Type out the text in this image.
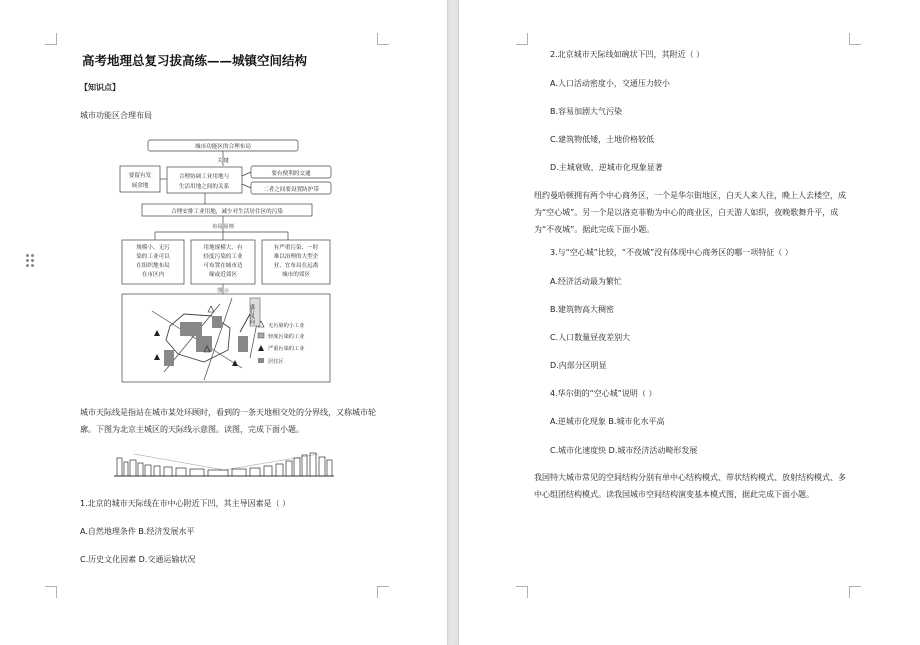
高考地理总复习拔高练——城镇空间结构
【知识点】
城市功能区合理布局
无污染的小工业
轻度污染的工业
严重污染的工业
居住区
盛行风向
城市功能区的合理布局
关 键
要留有发
展余地
合理协调工业用地与
生活用地之间的关系
要有便利的交通
二者之间要设置防护带
合理安排工业用地，减少对生活居住区的污染
布局 原则
规模小、无污
染的工业可以
在组织地布局
在市区内
用地规模大、有
轻度污染的工业
可布置在城市边
缘或近郊区
有严重污染、一时
难以治理的大型企
业，宜布局在远离
城市的郊区
图 示
城市天际线是指站在城市某处环顾时，看到的一条天地相交处的分界线，又称城市轮廓。下图为北京主城区的天际线示意图。读图，完成下面小题。
1.北京的城市天际线在市中心附近下凹，其主导因素是（ ）
A.自然地理条件 B.经济发展水平
C.历史文化因素 D.交通运输状况
2.北京城市天际线如碗状下凹，其附近（ ）
A.人口活动密度小，交通压力较小
B.容易加剧大气污染
C.建筑物低矮，土地价格较低
D.主城衰败，逆城市化现象显著
纽约曼哈顿拥有两个中心商务区，一个是华尔街地区，白天人来人往，晚上人去楼空，成为“空心城”。另一个是以洛克菲勒为中心的商业区，白天游人如织，夜晚歌舞升平，成为“不夜城”。据此完成下面小题。
3.与“空心城”比较，“不夜城”没有体现中心商务区的哪一项特征（ ）
A.经济活动最为繁忙
B.建筑物高大稠密
C.人口数量昼夜差别大
D.内部分区明显
4.华尔街的“空心城”说明（ ）
A.逆城市化现象 B.城市化水平高
C.城市化速度快 D.城市经济活动畸形发展
我国特大城市常见的空间结构分别有单中心结构模式、带状结构模式、放射结构模式、多中心组团结构模式。读我国城市空间结构演变基本模式图，据此完成下面小题。
